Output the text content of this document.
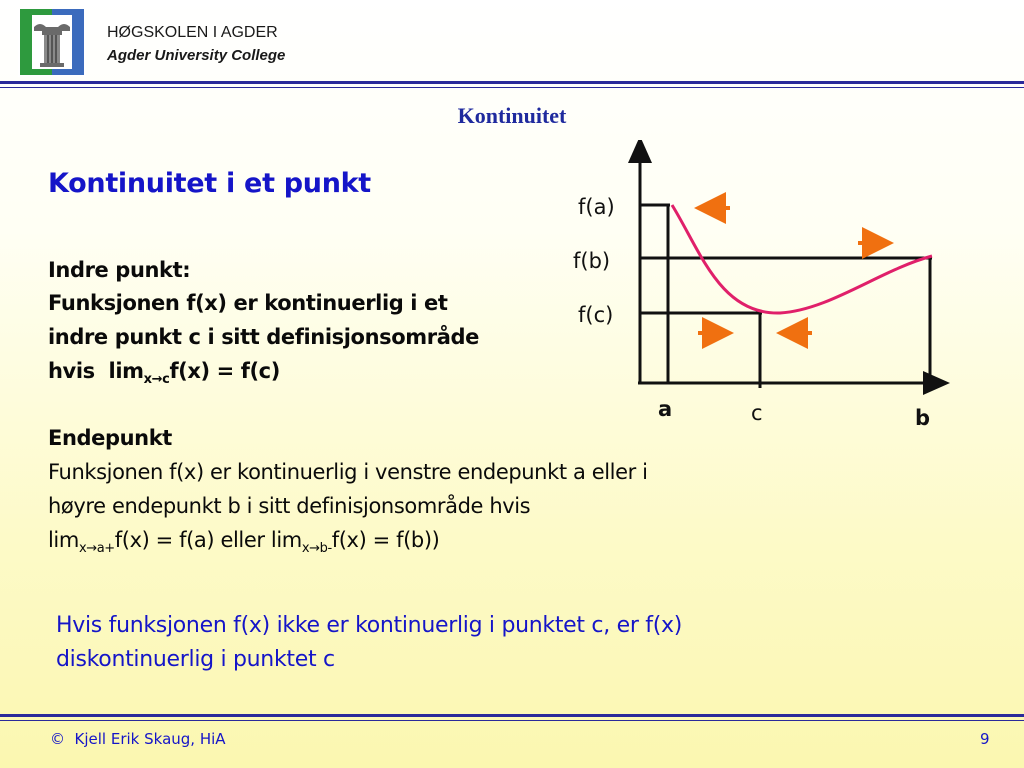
HØGSKOLEN I AGDER
Agder University College
Kontinuitet
Kontinuitet i et punkt
Indre punkt:
Funksjonen f(x) er kontinuerlig i et
indre punkt c i sitt definisjonsområde
hvis  $\lim_{x\to c}f(x) = f(c)$
Endepunkt
Funksjonen f(x) er kontinuerlig i venstre endepunkt a eller i
høyre endepunkt b i sitt definisjonsområde hvis
$\lim_{x\to a+}f(x) = f(a)$ eller $\lim_{x\to b-}f(x) = f(b)$)
Hvis funksjonen f(x) ikke er kontinuerlig i punktet c, er f(x)
diskontinuerlig i punktet c
f(a)
f(b)
f(c)
a	c	b
©  Kjell Erik Skaug, HiA	9
